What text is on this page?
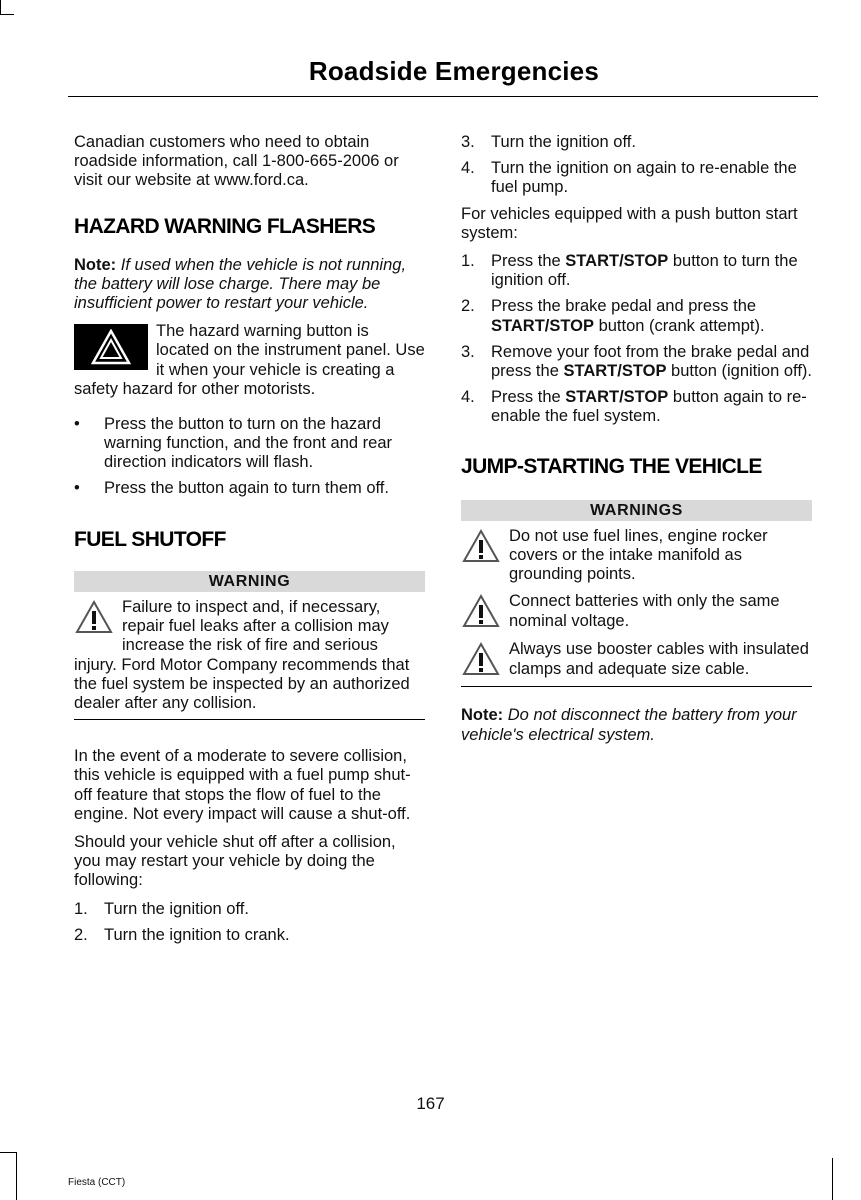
Roadside Emergencies

Canadian customers who need to obtain roadside information, call 1-800-665-2006 or visit our website at www.ford.ca.

HAZARD WARNING FLASHERS

Note: If used when the vehicle is not running, the battery will lose charge. There may be insufficient power to restart your vehicle.

The hazard warning button is located on the instrument panel. Use it when your vehicle is creating a safety hazard for other motorists.
• Press the button to turn on the hazard warning function, and the front and rear direction indicators will flash.
• Press the button again to turn them off.
FUEL SHUTOFF
WARNING
Failure to inspect and, if necessary, repair fuel leaks after a collision may increase the risk of fire and serious injury. Ford Motor Company recommends that the fuel system be inspected by an authorized dealer after any collision.

In the event of a moderate to severe collision, this vehicle is equipped with a fuel pump shut-off feature that stops the flow of fuel to the engine. Not every impact will cause a shut-off.

Should your vehicle shut off after a collision, you may restart your vehicle by doing the following:

1. Turn the ignition off.
2. Turn the ignition to crank.
3. Turn the ignition off.
4. Turn the ignition on again to re-enable the fuel pump.

For vehicles equipped with a push button start system:

1. Press the START/STOP button to turn the ignition off.
2. Press the brake pedal and press the START/STOP button (crank attempt).
3. Remove your foot from the brake pedal and press the START/STOP button (ignition off).
4. Press the START/STOP button again to re-enable the fuel system.
JUMP-STARTING THE VEHICLE
WARNINGS
Do not use fuel lines, engine rocker covers or the intake manifold as grounding points.
Connect batteries with only the same nominal voltage.
Always use booster cables with insulated clamps and adequate size cable.

Note: Do not disconnect the battery from your vehicle's electrical system.

167
Fiesta (CCT)
